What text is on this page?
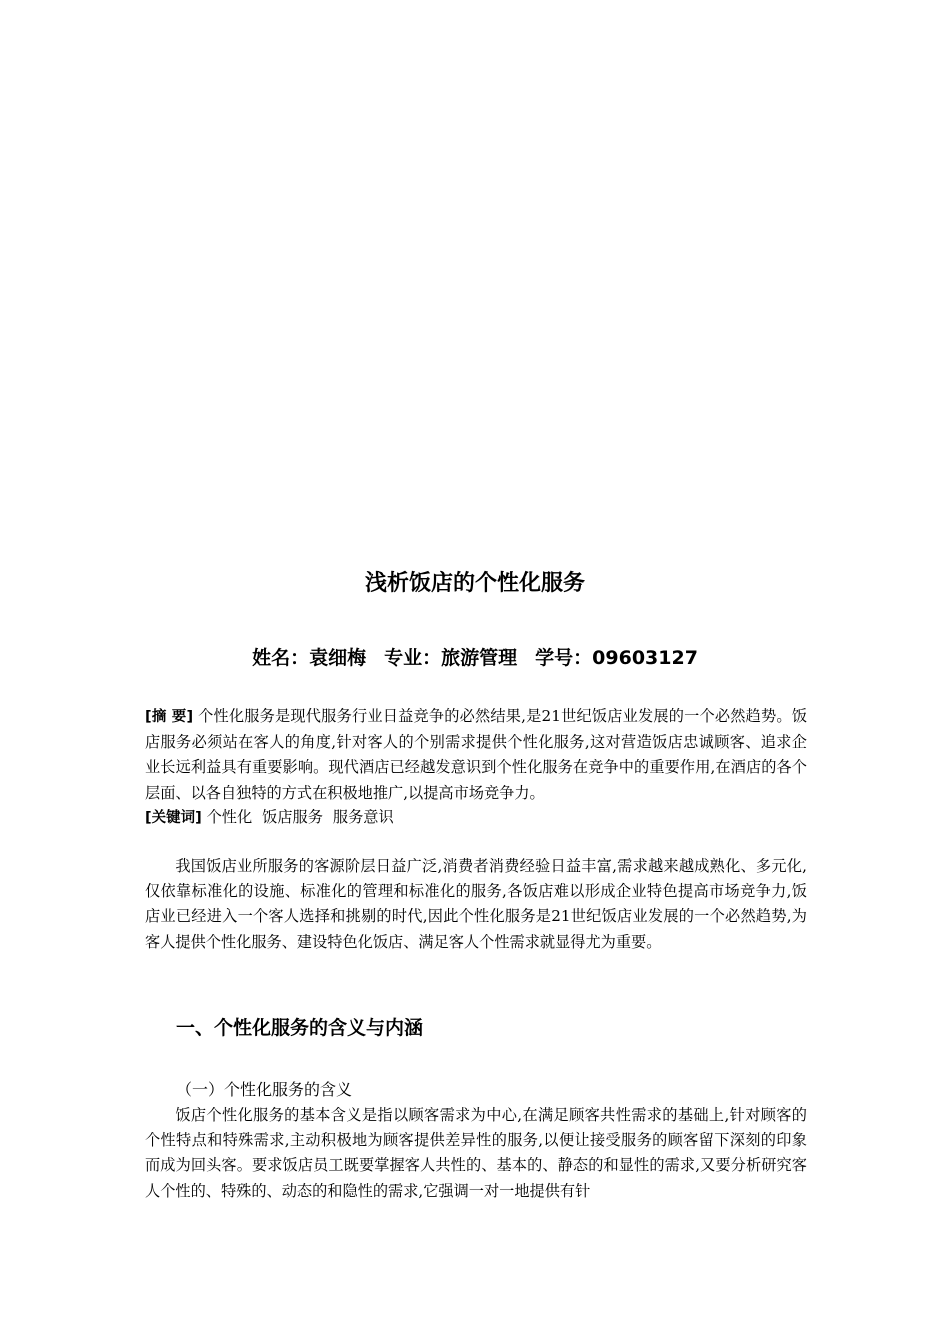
浅析饭店的个性化服务
姓名：袁细梅 专业：旅游管理 学号：09603127
[摘 要] 个性化服务是现代服务行业日益竞争的必然结果,是21世纪饭店业发展的一个必然趋势。饭店服务必须站在客人的角度,针对客人的个别需求提供个性化服务,这对营造饭店忠诚顾客、追求企业长远利益具有重要影响。现代酒店已经越发意识到个性化服务在竞争中的重要作用,在酒店的各个层面、以各自独特的方式在积极地推广,以提高市场竞争力。
[关键词] 个性化 饭店服务 服务意识
我国饭店业所服务的客源阶层日益广泛,消费者消费经验日益丰富,需求越来越成熟化、多元化,仅依靠标准化的设施、标准化的管理和标准化的服务,各饭店难以形成企业特色提高市场竞争力,饭店业已经进入一个客人选择和挑剔的时代,因此个性化服务是21世纪饭店业发展的一个必然趋势,为客人提供个性化服务、建设特色化饭店、满足客人个性需求就显得尤为重要。
一、个性化服务的含义与内涵
（一）个性化服务的含义
饭店个性化服务的基本含义是指以顾客需求为中心,在满足顾客共性需求的基础上,针对顾客的个性特点和特殊需求,主动积极地为顾客提供差异性的服务,以便让接受服务的顾客留下深刻的印象而成为回头客。要求饭店员工既要掌握客人共性的、基本的、静态的和显性的需求,又要分析研究客人个性的、特殊的、动态的和隐性的需求,它强调一对一地提供有针
